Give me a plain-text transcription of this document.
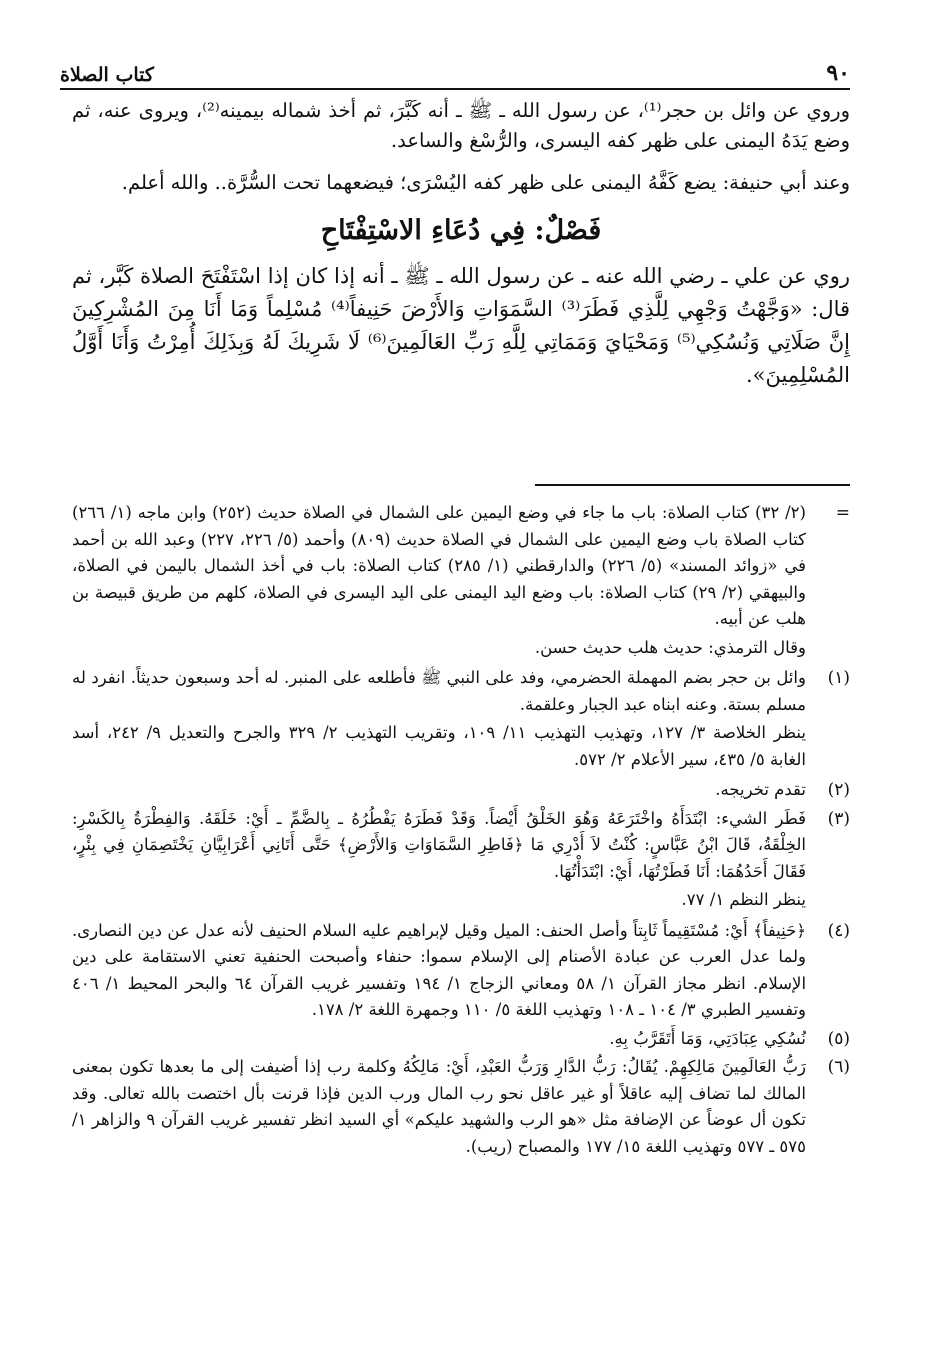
٩٠
كتاب الصلاة

وروي عن وائل بن حجر⁽¹⁾، عن رسول الله ـ ﷺ ـ أنه كَبَّرَ، ثم أخذ شماله بيمينه⁽²⁾، ويروى عنه، ثم وضع يَدَهُ اليمنى على ظهر كفه اليسرى، والرُّسْغ والساعد.

وعند أبي حنيفة: يضع كَفَّهُ اليمنى على ظهر كفه اليُسْرَى؛ فيضعهما تحت السُّرَّة.. والله أعلم.

فَصْلٌ: فِي دُعَاءِ الاسْتِفْتَاحِ

روي عن علي ـ رضي الله عنه ـ عن رسول الله ـ ﷺ ـ أنه إذا كان إذا اسْتَفْتَحَ الصلاة كَبَّر، ثم قال: «وَجَّهْتُ وَجْهِي لِلَّذِي فَطَرَ⁽³⁾ السَّمَوَاتِ وَالأَرْضَ حَنِيفاً⁽⁴⁾ مُسْلِماً وَمَا أَنَا مِنَ المُشْرِكِينَ إِنَّ صَلَاتِي وَنُسُكِي⁽⁵⁾ وَمَحْيَايَ وَمَمَاتِي لِلَّهِ رَبِّ العَالَمِينَ⁽⁶⁾ لَا شَرِيكَ لَهُ وَبِذَلِكَ أُمِرْتُ وَأَنَا أَوَّلُ المُسْلِمِينَ».

=
(٢/ ٣٢) كتاب الصلاة: باب ما جاء في وضع اليمين على الشمال في الصلاة حديث (٢٥٢) وابن ماجه (١/ ٢٦٦) كتاب الصلاة باب وضع اليمين على الشمال في الصلاة حديث (٨٠٩) وأحمد (٥/ ٢٢٦، ٢٢٧) وعبد الله بن أحمد في «زوائد المسند» (٥/ ٢٢٦) والدارقطني (١/ ٢٨٥) كتاب الصلاة: باب في أخذ الشمال باليمن في الصلاة، والبيهقي (٢/ ٢٩) كتاب الصلاة: باب وضع اليد اليمنى على اليد اليسرى في الصلاة، كلهم من طريق قبيصة بن هلب عن أبيه.
وقال الترمذي: حديث هلب حديث حسن.
(١)
وائل بن حجر بضم المهملة الحضرمي، وفد على النبي ﷺ فأطلعه على المنبر. له أحد وسبعون حديثاً. انفرد له مسلم بستة. وعنه ابناه عبد الجبار وعلقمة.
ينظر الخلاصة ٣/ ١٢٧، وتهذيب التهذيب ١١/ ١٠٩، وتقريب التهذيب ٢/ ٣٢٩ والجرح والتعديل ٩/ ٢٤٢، أسد الغابة ٥/ ٤٣٥، سير الأعلام ٢/ ٥٧٢.
(٢)
تقدم تخريجه.
(٣)
فَطَر الشيء: ابْتَدَأَهُ واخْتَرَعَهُ وَهُوَ الخَلْقُ أَيْضاً. وَقَدْ فَطَرَهُ يَفْطُرُهُ ـ بِالضَّمِّ ـ أَيْ: خَلَقَهُ. وَالفِطْرَةُ بِالكَسْرِ: الخِلْقَةُ، قَالَ ابْنُ عَبَّاسٍ: كُنْتُ لاَ أَدْرِي مَا ﴿فَاطِرِ السَّمَاوَاتِ وَالأَرْضِ﴾ حَتَّى أَتَانِي أَعْرَابِيَّانِ يَخْتَصِمَانِ فِي بِئْرٍ، فَقَالَ أَحَدُهُمَا: أَنَا فَطَرْتُهَا، أَيْ: ابْتَدَأْتُهَا.
ينظر النظم ١/ ٧٧.
(٤)
﴿حَنِيفاً﴾ أَيْ: مُسْتَقِيماً ثَابِتاً وأصل الحنف: الميل وقيل لإبراهيم عليه السلام الحنيف لأنه عدل عن دين النصارى. ولما عدل العرب عن عبادة الأصنام إلى الإسلام سموا: حنفاء وأصبحت الحنفية تعني الاستقامة على دين الإسلام. انظر مجاز القرآن ١/ ٥٨ ومعاني الزجاج ١/ ١٩٤ وتفسير غريب القرآن ٦٤ والبحر المحيط ١/ ٤٠٦ وتفسير الطبري ٣/ ١٠٤ ـ ١٠٨ وتهذيب اللغة ٥/ ١١٠ وجمهرة اللغة ٢/ ١٧٨.
(٥)
نُسُكِي عِبَادَتِي، وَمَا أَتَقَرَّبُ بِهِ.
(٦)
رَبُّ العَالَمِينَ مَالِكِهِمْ. يُقَالُ: رَبُّ الدَّارِ وَرَبُّ العَبْدِ، أَيْ: مَالِكُهُ وكلمة رب إذا أضيفت إلى ما بعدها تكون بمعنى المالك لما تضاف إليه عاقلاً أو غير عاقل نحو رب المال ورب الدين فإذا قرنت بأل اختصت بالله تعالى. وقد تكون أل عوضاً عن الإضافة مثل «هو الرب والشهيد عليكم» أي السيد انظر تفسير غريب القرآن ٩ والزاهر ١/ ٥٧٥ ـ ٥٧٧ وتهذيب اللغة ١٥/ ١٧٧ والمصباح (ريب).
